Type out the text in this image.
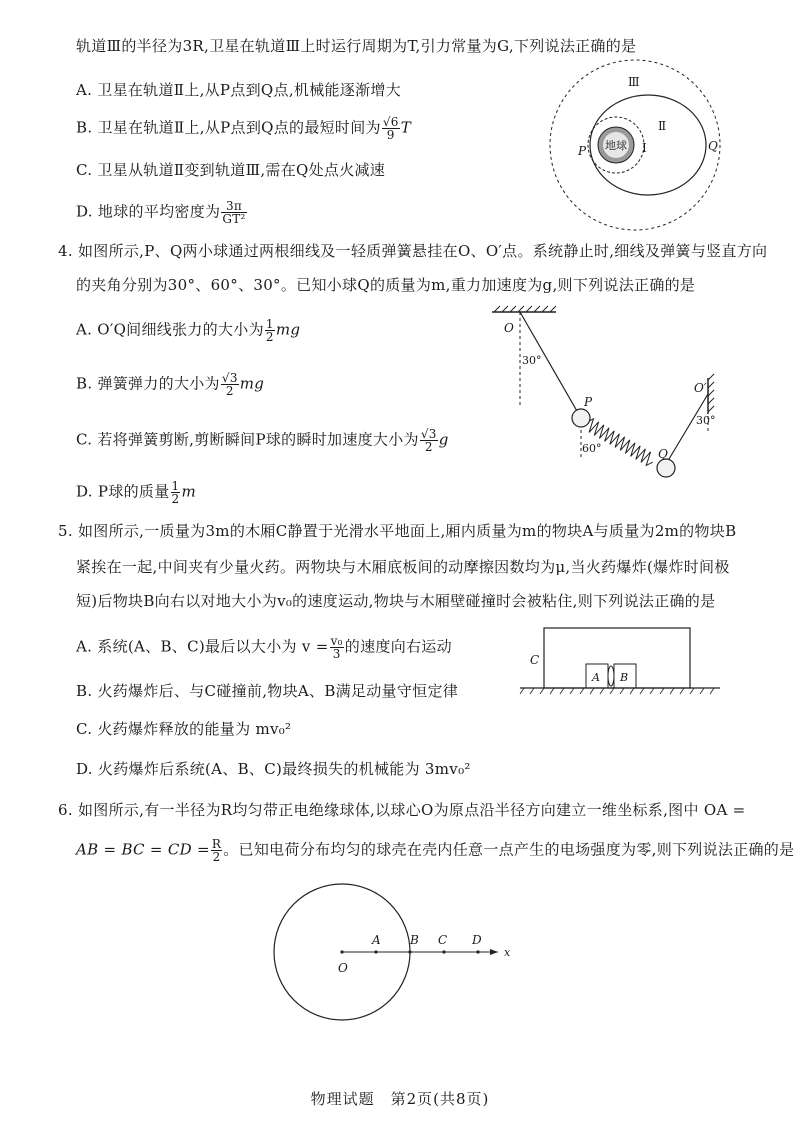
轨道Ⅲ的半径为3R,卫星在轨道Ⅲ上时运行周期为T,引力常量为G,下列说法正确的是
A. 卫星在轨道Ⅱ上,从P点到Q点,机械能逐渐增大
B. 卫星在轨道Ⅱ上,从P点到Q点的最短时间为 $\frac{√6}{9}$ T
C. 卫星从轨道Ⅱ变到轨道Ⅲ,需在Q处点火减速
D. 地球的平均密度为 $\frac{3\pi}{\text{GT²}}$
地球
Ⅲ
Ⅱ
Ⅰ
P	Q
4. 如图所示,P、Q两小球通过两根细线及一轻质弹簧悬挂在O、O′点。系统静止时,细线及弹簧与竖直方向
的夹角分别为30°、60°、30°。已知小球Q的质量为m,重力加速度为g,则下列说法正确的是
A. O′Q间细线张力的大小为 $\frac{1}{2}$ mg
B. 弹簧弹力的大小为 $\frac{√3}{2}$ mg
C. 若将弹簧剪断,剪断瞬间P球的瞬时加速度大小为 $\frac{√3}{2}$ g
D. P球的质量 $\frac{1}{2}$ m
O
O′
P
Q
30°
60°
30°
5. 如图所示,一质量为3m的木厢C静置于光滑水平地面上,厢内质量为m的物块A与质量为2m的物块B
紧挨在一起,中间夹有少量火药。两物块与木厢底板间的动摩擦因数均为μ,当火药爆炸(爆炸时间极
短)后物块B向右以对地大小为v₀的速度运动,物块与木厢壁碰撞时会被粘住,则下列说法正确的是
A. 系统(A、B、C)最后以大小为 $v = \frac{\text{v₀}}{3}$ 的速度向右运动
B. 火药爆炸后、与C碰撞前,物块A、B满足动量守恒定律
C. 火药爆炸释放的能量为 mv₀²
D. 火药爆炸后系统(A、B、C)最终损失的机械能为 3mv₀²
C
A B
6. 如图所示,有一半径为R均匀带正电绝缘球体,以球心O为原点沿半径方向建立一维坐标系,图中 OA =
AB = BC = CD = $\frac{R}{2}$ 。已知电荷分布均匀的球壳在壳内任意一点产生的电场强度为零,则下列说法正确的是
O
A B C D
x
物理试题　第2页(共8页)
